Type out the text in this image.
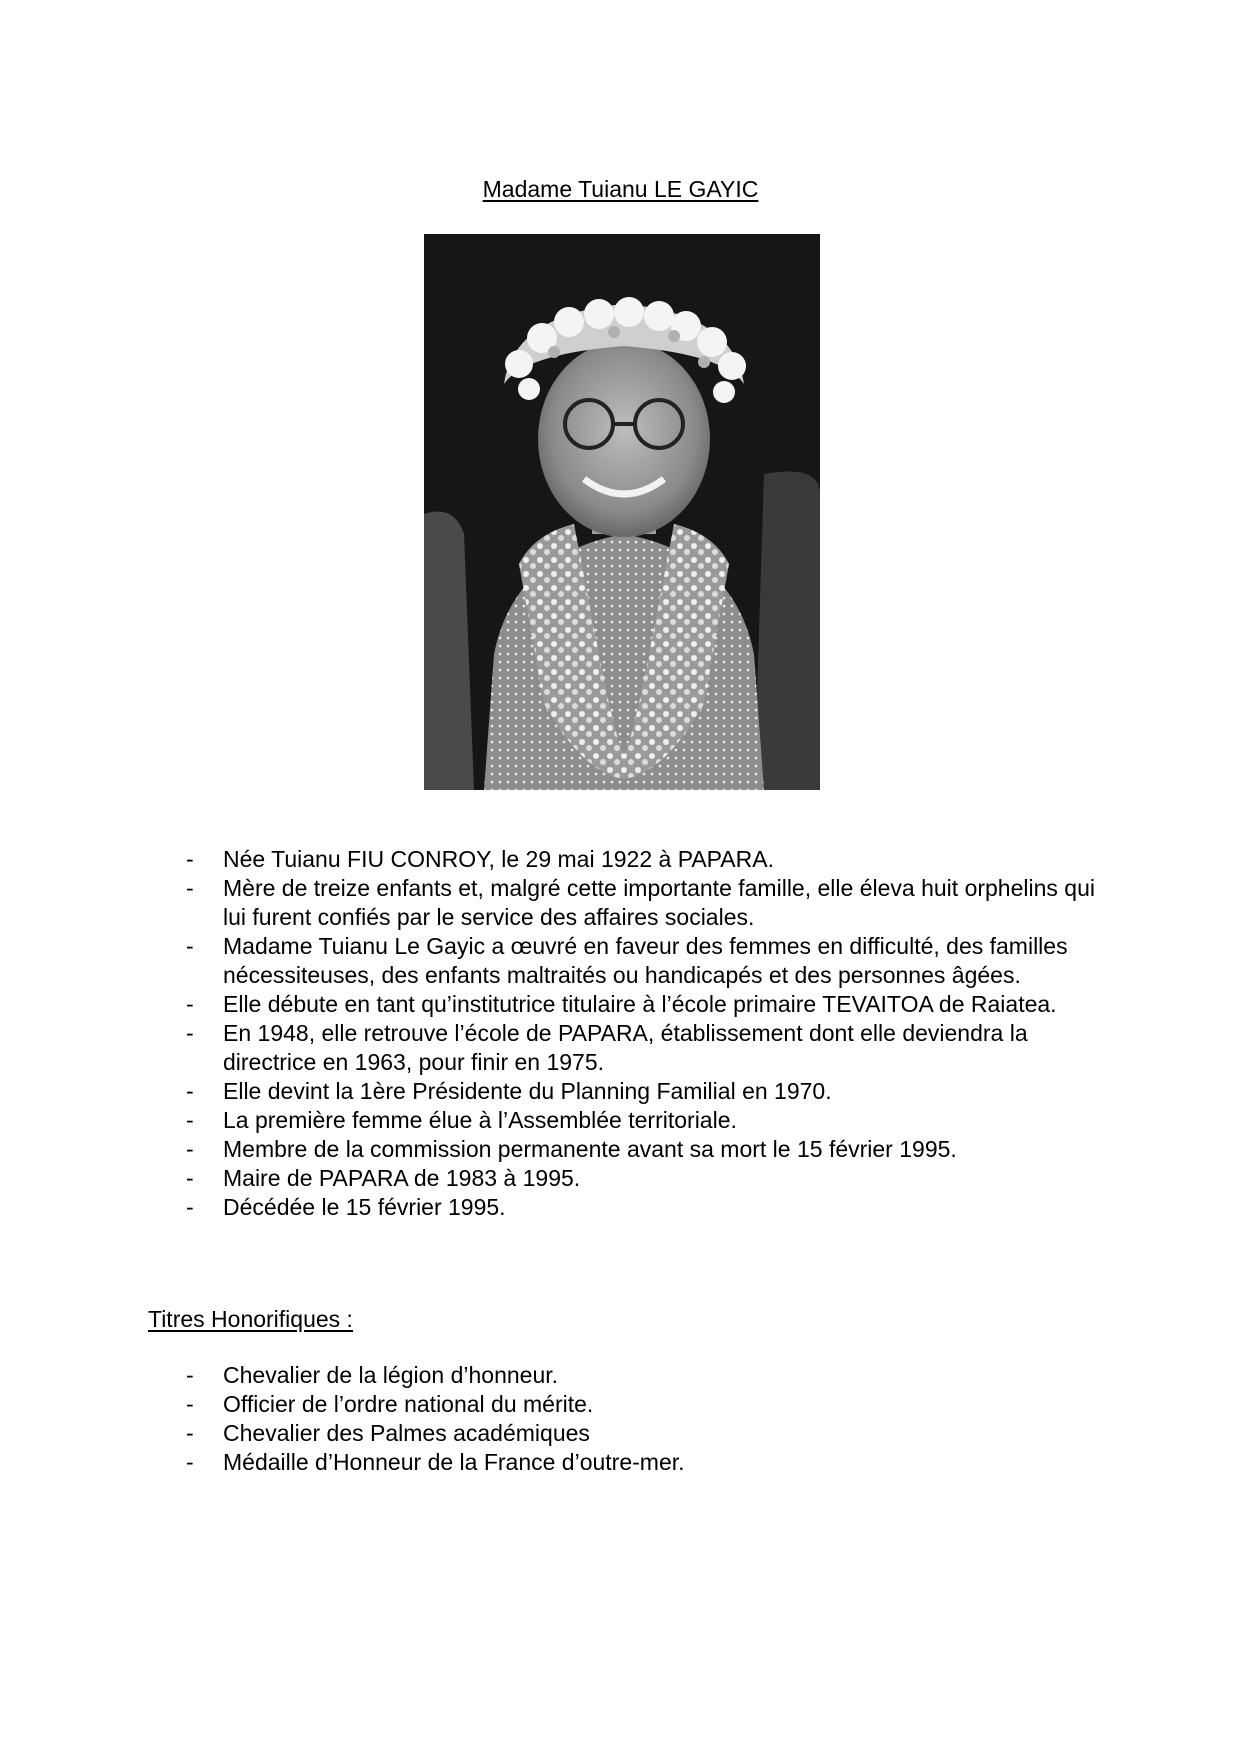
Madame Tuianu LE GAYIC
- Née Tuianu FIU CONROY, le 29 mai 1922 à PAPARA.
- Mère de treize enfants et, malgré cette importante famille, elle éleva huit orphelins qui lui furent confiés par le service des affaires sociales.
- Madame Tuianu Le Gayic a œuvré en faveur des femmes en difficulté, des familles nécessiteuses, des enfants maltraités ou handicapés et des personnes âgées.
- Elle débute en tant qu’institutrice titulaire à l’école primaire TEVAITOA de Raiatea.
- En 1948, elle retrouve l’école de PAPARA, établissement dont elle deviendra la directrice en 1963, pour finir en 1975.
- Elle devint la 1ère Présidente du Planning Familial en 1970.
- La première femme élue à l’Assemblée territoriale.
- Membre de la commission permanente avant sa mort le 15 février 1995.
- Maire de PAPARA de 1983 à 1995.
- Décédée le 15 février 1995.
Titres Honorifiques :
- Chevalier de la légion d’honneur.
- Officier de l’ordre national du mérite.
- Chevalier des Palmes académiques
- Médaille d’Honneur de la France d’outre-mer.
